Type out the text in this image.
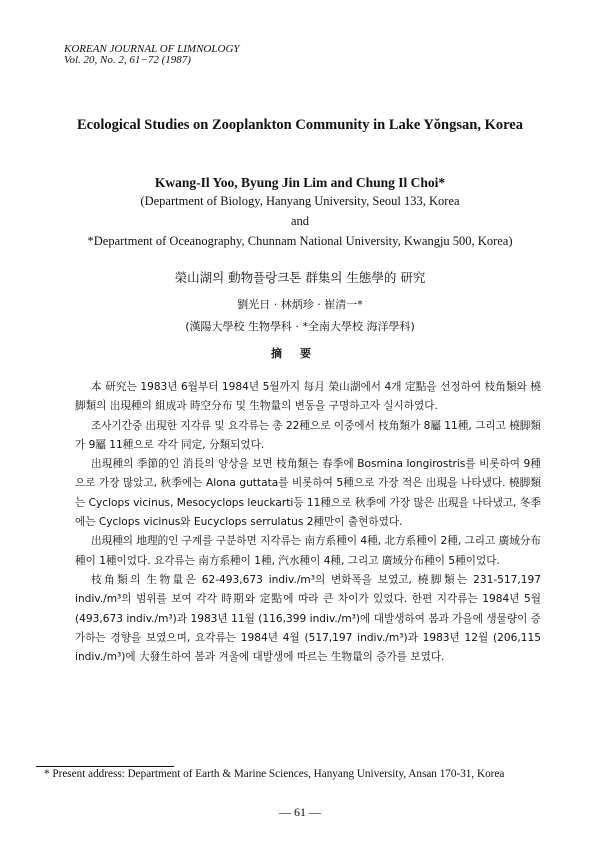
KOREAN JOURNAL OF LIMNOLOGY
Vol. 20, No. 2, 61−72 (1987)
Ecological Studies on Zooplankton Community in Lake Yŏngsan, Korea
Kwang-Il Yoo, Byung Jin Lim and Chung Il Choi*
(Department of Biology, Hanyang University, Seoul 133, Korea
and
*Department of Oceanography, Chunnam National University, Kwangju 500, Korea)
榮山湖의 動物플랑크톤 群集의 生態學的 研究
劉光日 · 林炳珍 · 崔清一*
(漢陽大學校 生物學科 · *全南大學校 海洋學科)
摘要

本 研究는 1983년 6월부터 1984년 5월까지 每月 榮山湖에서 4개 定點을 선정하여 枝角類와 橈脚類의 出現種의 組成과 時空分布 및 生物量의 변동을 구명하고자 실시하였다.

조사기간중 出現한 지각류 및 요각류는 총 22種으로 이중에서 枝角類가 8屬 11種, 그리고 橈脚類가 9屬 11種으로 각각 同定, 分類되었다.

出現種의 季節的인 消長의 양상을 보면 枝角類는 春季에 Bosmina longirostris를 비롯하여 9種으로 가장 많았고, 秋季에는 Alona guttata를 비롯하여 5種으로 가장 적은 出現을 나타냈다. 橈脚類는 Cyclops vicinus, Mesocyclops leuckarti등 11種으로 秋季에 가장 많은 出現을 나타냈고, 冬季에는 Cyclops vicinus와 Eucyclops serrulatus 2種만이 출현하였다.

出現種의 地理的인 구계를 구분하면 지각류는 南方系種이 4種, 北方系種이 2種, 그리고 廣域分布種이 1種이었다. 요각류는 南方系種이 1種, 汽水種이 4種, 그리고 廣域分布種이 5種이었다.

枝角類의 生物量은 62-493,673 indiv./m³의 변화폭을 보였고, 橈脚類는 231-517,197 indiv./m³의 범위를 보여 각각 時期와 定點에 따라 큰 차이가 있었다. 한편 지각류는 1984년 5월 (493,673 indiv./m³)과 1983년 11월 (116,399 indiv./m³)에 대발생하여 봄과 가을에 생물량이 증가하는 경향을 보였으며, 요각류는 1984년 4월 (517,197 indiv./m³)과 1983년 12월 (206,115 indiv./m³)에 大發生하여 봄과 겨울에 대발생에 따르는 生物量의 증가를 보였다.

* Present address: Department of Earth & Marine Sciences, Hanyang University, Ansan 170-31, Korea
— 61 —
